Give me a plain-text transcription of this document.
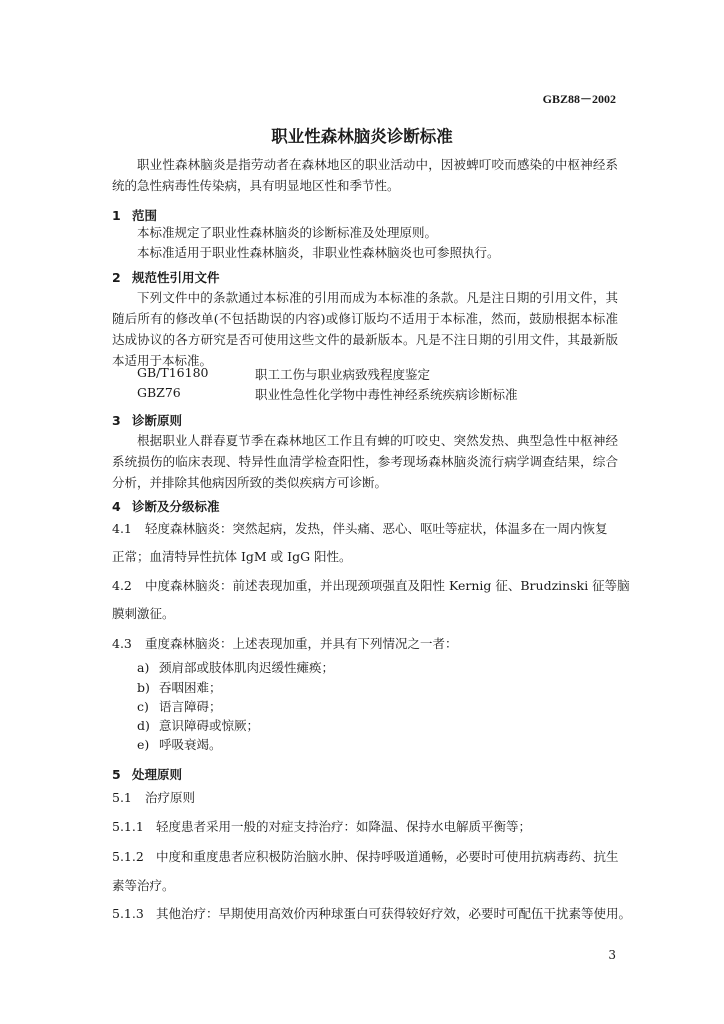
GBZ88－2002
职业性森林脑炎诊断标准
职业性森林脑炎是指劳动者在森林地区的职业活动中，因被蜱叮咬而感染的中枢神经系统的急性病毒性传染病，具有明显地区性和季节性。
1 范围
本标准规定了职业性森林脑炎的诊断标准及处理原则。
本标准适用于职业性森林脑炎，非职业性森林脑炎也可参照执行。
2 规范性引用文件
下列文件中的条款通过本标准的引用而成为本标准的条款。凡是注日期的引用文件，其随后所有的修改单(不包括勘误的内容)或修订版均不适用于本标准，然而，鼓励根据本标准达成协议的各方研究是否可使用这些文件的最新版本。凡是不注日期的引用文件，其最新版本适用于本标准。
GB/T16180	职工工伤与职业病致残程度鉴定
GBZ76	职业性急性化学物中毒性神经系统疾病诊断标准
3 诊断原则
根据职业人群春夏节季在森林地区工作且有蜱的叮咬史、突然发热、典型急性中枢神经系统损伤的临床表现、特异性血清学检查阳性，参考现场森林脑炎流行病学调查结果，综合分析，并排除其他病因所致的类似疾病方可诊断。
4 诊断及分级标准
4.1 轻度森林脑炎：突然起病，发热，伴头痛、恶心、呕吐等症状，体温多在一周内恢复
正常；血清特异性抗体 IgM 或 IgG 阳性。
4.2 中度森林脑炎：前述表现加重，并出现颈项强直及阳性 Kernig 征、Brudzinski 征等脑
膜刺激征。
4.3 重度森林脑炎：上述表现加重，并具有下列情况之一者：
a) 颈肩部或肢体肌肉迟缓性瘫痪；
b) 吞咽困难；
c) 语言障碍；
d) 意识障碍或惊厥；
e) 呼吸衰竭。
5 处理原则
5.1 治疗原则
5.1.1 轻度患者采用一般的对症支持治疗：如降温、保持水电解质平衡等；
5.1.2 中度和重度患者应积极防治脑水肿、保持呼吸道通畅，必要时可使用抗病毒药、抗生
素等治疗。
5.1.3 其他治疗：早期使用高效价丙种球蛋白可获得较好疗效，必要时可配伍干扰素等使用。
3
